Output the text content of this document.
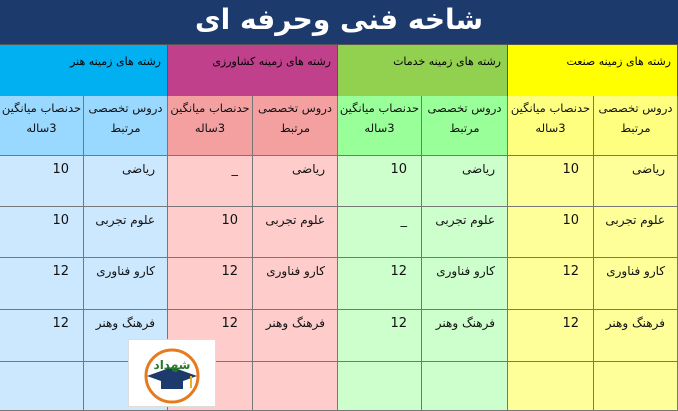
شاخه فنی وحرفه ای
رشته های زمینه صنعت
رشته های زمینه خدمات
رشته های زمینه کشاورزی
رشته های زمینه هنر
دروس تخصصی مرتبط
حدنصاب میانگین 3ساله
دروس تخصصی مرتبط
حدنصاب میانگین 3ساله
دروس تخصصی مرتبط
حدنصاب میانگین 3ساله
دروس تخصصی مرتبط
حدنصاب میانگین 3ساله
ریاضی
10
ریاضی
10
ریاضی
_
ریاضی
10
علوم تجربی
10
علوم تجربی
_
علوم تجربی
10
علوم تجربی
10
کارو فناوری
12
کارو فناوری
12
کارو فناوری
12
کارو فناوری
12
فرهنگ وهنر
12
فرهنگ وهنر
12
فرهنگ وهنر
12
فرهنگ وهنر
12
شهداد
